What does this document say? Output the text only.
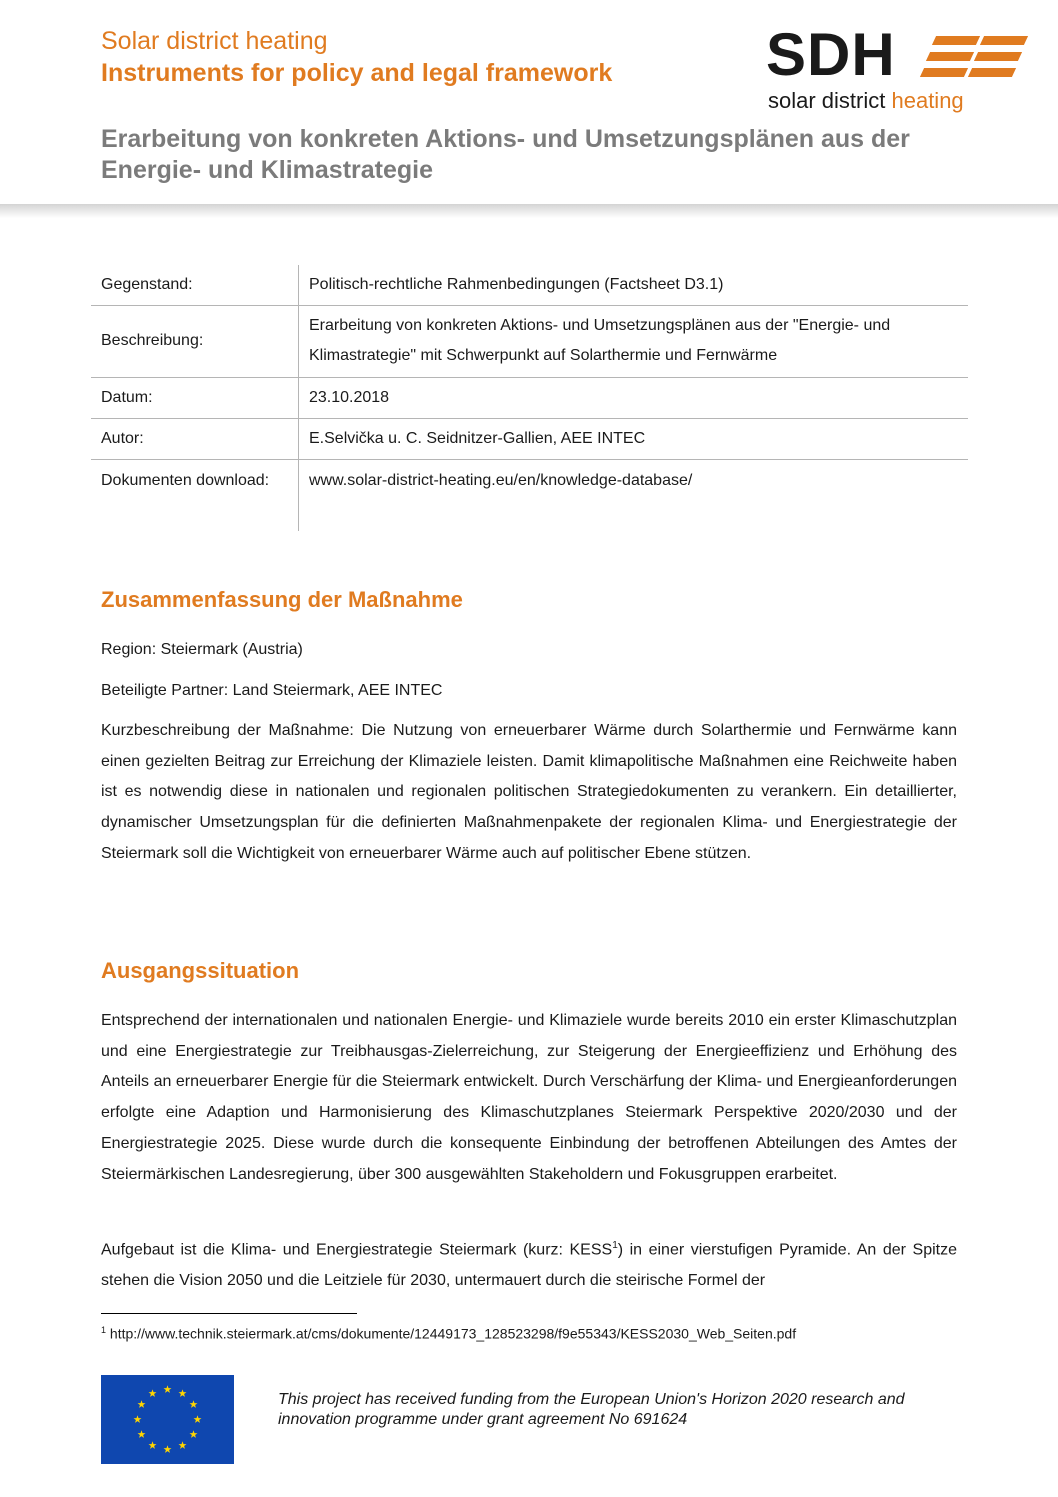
Solar district heating
Instruments for policy and legal framework
Erarbeitung von konkreten Aktions- und Umsetzungsplänen aus der Energie- und Klimastrategie
SDH
solar district heating
Gegenstand:	Politisch-rechtliche Rahmenbedingungen (Factsheet D3.1)
Beschreibung:	Erarbeitung von konkreten Aktions- und Umsetzungsplänen aus der "Energie- und Klimastrategie" mit Schwerpunkt auf Solarthermie und Fernwärme
Datum:	23.10.2018
Autor:	E.Selvička u. C. Seidnitzer-Gallien, AEE INTEC
Dokumenten download:	www.solar-district-heating.eu/en/knowledge-database/
Zusammenfassung der Maßnahme

Region: Steiermark (Austria)

Beteiligte Partner: Land Steiermark, AEE INTEC

Kurzbeschreibung der Maßnahme: Die Nutzung von erneuerbarer Wärme durch Solarthermie und Fernwärme kann einen gezielten Beitrag zur Erreichung der Klimaziele leisten. Damit klimapolitische Maßnahmen eine Reichweite haben ist es notwendig diese in nationalen und regionalen politischen Strategiedokumenten zu verankern. Ein detaillierter, dynamischer Umsetzungsplan für die definierten Maßnahmenpakete der regionalen Klima- und Energiestrategie der Steiermark soll die Wichtigkeit von erneuerbarer Wärme auch auf politischer Ebene stützen.

Ausgangssituation

Entsprechend der internationalen und nationalen Energie- und Klimaziele wurde bereits 2010 ein erster Klimaschutzplan und eine Energiestrategie zur Treibhausgas-Zielerreichung, zur Steigerung der Energieeffizienz und Erhöhung des Anteils an erneuerbarer Energie für die Steiermark entwickelt. Durch Verschärfung der Klima- und Energieanforderungen erfolgte eine Adaption und Harmonisierung des Klimaschutzplanes Steiermark Perspektive 2020/2030 und der Energiestrategie 2025. Diese wurde durch die konsequente Einbindung der betroffenen Abteilungen des Amtes der Steiermärkischen Landesregierung, über 300 ausgewählten Stakeholdern und Fokusgruppen erarbeitet.

Aufgebaut ist die Klima- und Energiestrategie Steiermark (kurz: KESS$^1$) in einer vierstufigen Pyramide. An der Spitze stehen die Vision 2050 und die Leitziele für 2030, untermauert durch die steirische Formel der

$^1$ http://www.technik.steiermark.at/cms/dokumente/12449173_128523298/f9e55343/KESS2030_Web_Seiten.pdf
This project has received funding from the European Union's Horizon 2020 research and innovation programme under grant agreement No 691624
